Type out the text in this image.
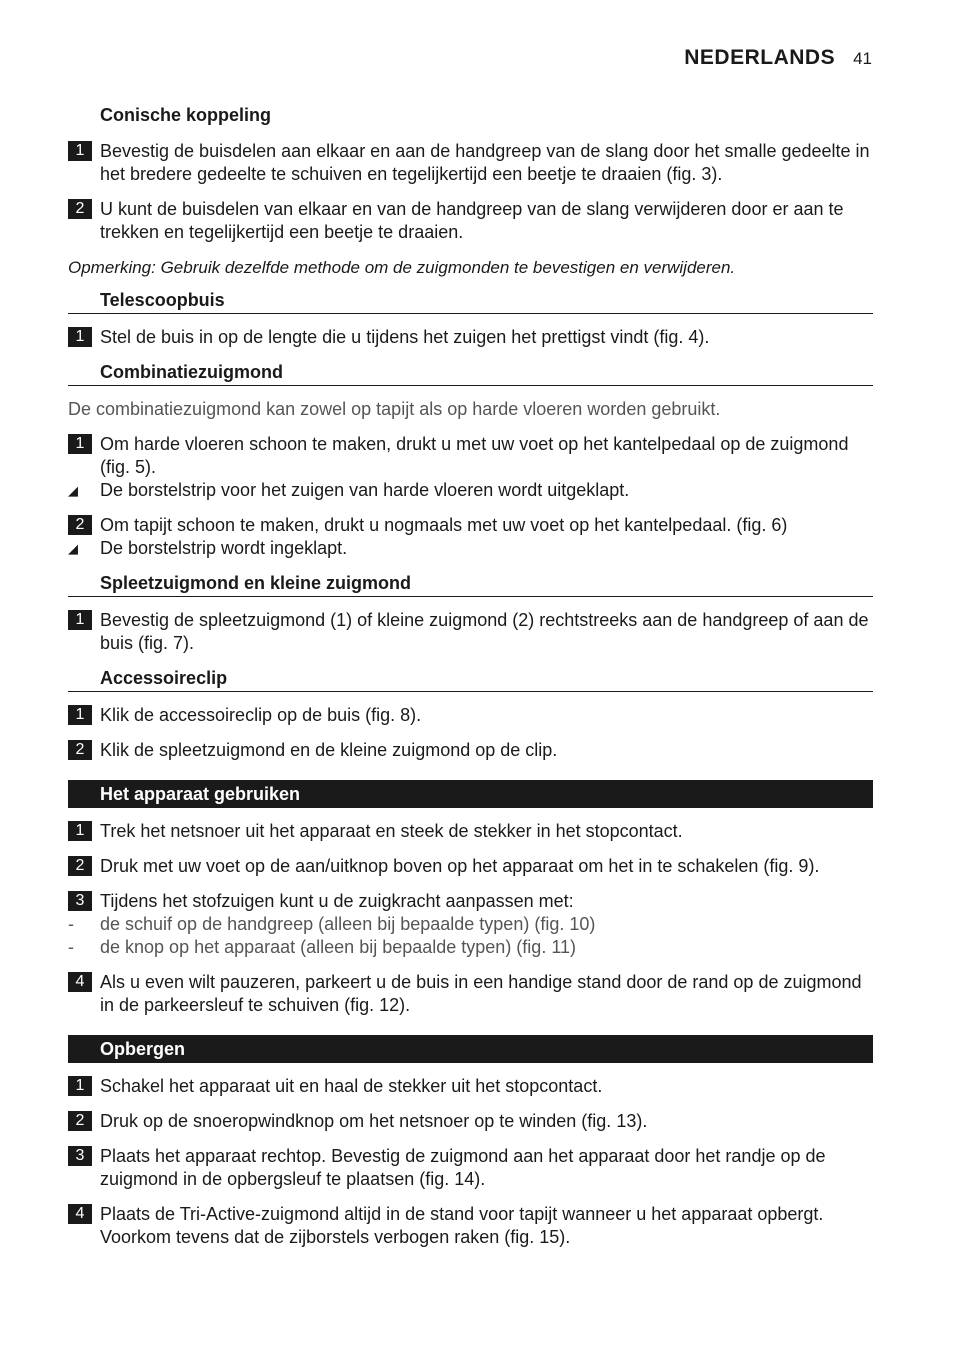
NEDERLANDS 41
Conische koppeling
1 Bevestig de buisdelen aan elkaar en aan de handgreep van de slang door het smalle gedeelte in het bredere gedeelte te schuiven en tegelijkertijd een beetje te draaien (fig. 3).
2 U kunt de buisdelen van elkaar en van de handgreep van de slang verwijderen door er aan te trekken en tegelijkertijd een beetje te draaien.
Opmerking: Gebruik dezelfde methode om de zuigmonden te bevestigen en verwijderen.
Telescoopbuis
1 Stel de buis in op de lengte die u tijdens het zuigen het prettigst vindt (fig. 4).
Combinatiezuigmond
De combinatiezuigmond kan zowel op tapijt als op harde vloeren worden gebruikt.
1 Om harde vloeren schoon te maken, drukt u met uw voet op het kantelpedaal op de zuigmond (fig. 5).
◢	De borstelstrip voor het zuigen van harde vloeren wordt uitgeklapt.
2 Om tapijt schoon te maken, drukt u nogmaals met uw voet op het kantelpedaal. (fig. 6)
◢	De borstelstrip wordt ingeklapt.
Spleetzuigmond en kleine zuigmond
1 Bevestig de spleetzuigmond (1) of kleine zuigmond (2) rechtstreeks aan de handgreep of aan de buis (fig. 7).
Accessoireclip
1 Klik de accessoireclip op de buis (fig. 8).
2 Klik de spleetzuigmond en de kleine zuigmond op de clip.
Het apparaat gebruiken
1 Trek het netsnoer uit het apparaat en steek de stekker in het stopcontact.
2 Druk met uw voet op de aan/uitknop boven op het apparaat om het in te schakelen (fig. 9).
3 Tijdens het stofzuigen kunt u de zuigkracht aanpassen met:
-	de schuif op de handgreep (alleen bij bepaalde typen) (fig. 10)
-	de knop op het apparaat (alleen bij bepaalde typen) (fig. 11)
4 Als u even wilt pauzeren, parkeert u de buis in een handige stand door de rand op de zuigmond in de parkeersleuf te schuiven (fig. 12).
Opbergen
1 Schakel het apparaat uit en haal de stekker uit het stopcontact.
2 Druk op de snoeropwindknop om het netsnoer op te winden (fig. 13).
3 Plaats het apparaat rechtop. Bevestig de zuigmond aan het apparaat door het randje op de zuigmond in de opbergsleuf te plaatsen (fig. 14).
4 Plaats de Tri-Active-zuigmond altijd in de stand voor tapijt wanneer u het apparaat opbergt. Voorkom tevens dat de zijborstels verbogen raken (fig. 15).
